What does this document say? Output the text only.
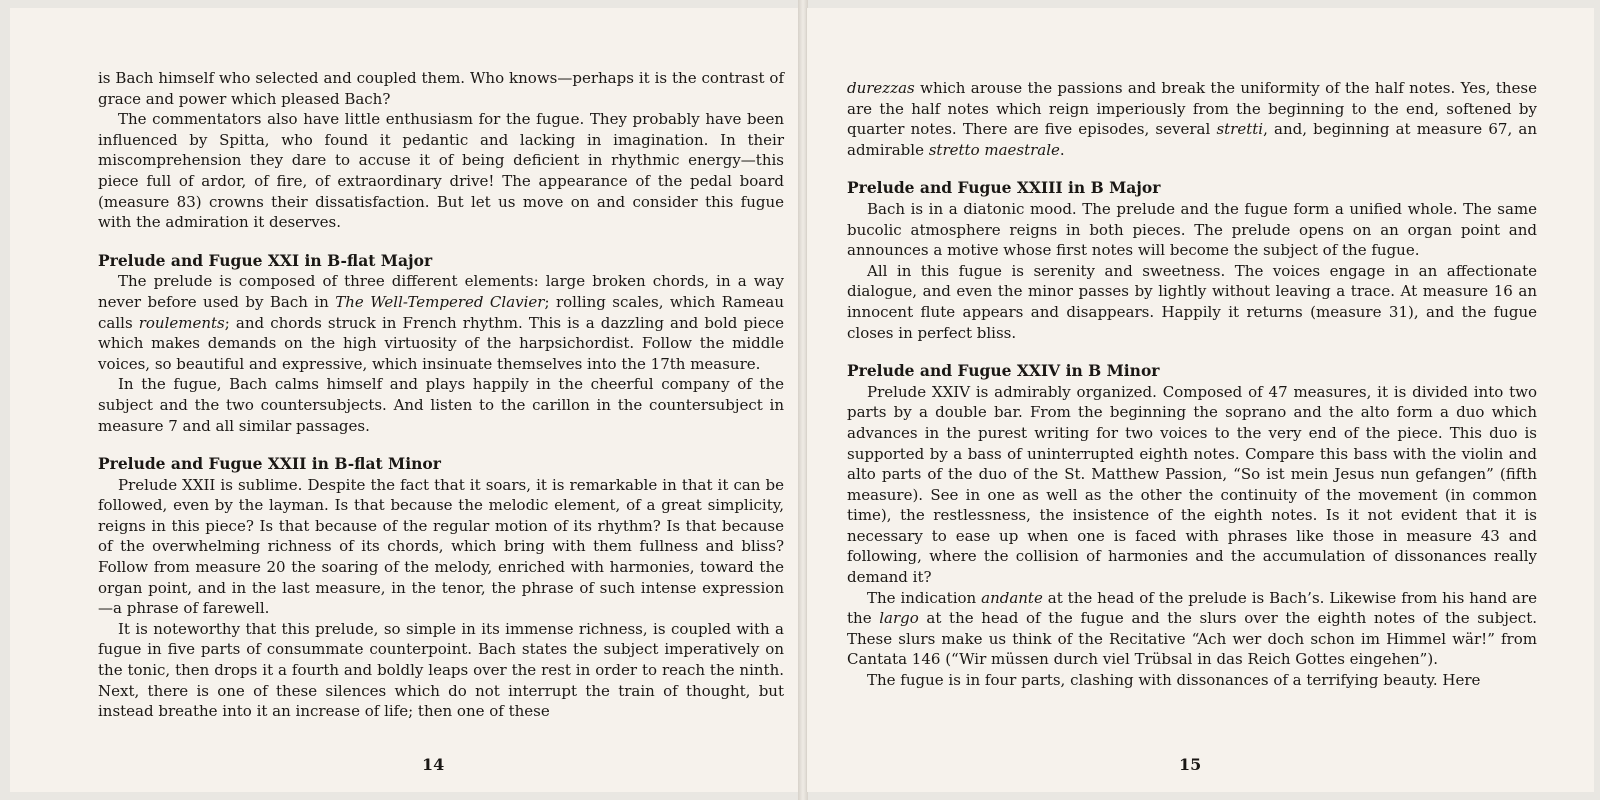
is Bach himself who selected and coupled them. Who knows—perhaps it is the contrast of grace and power which pleased Bach?

The commentators also have little enthusiasm for the fugue. They probably have been influenced by Spitta, who found it pedantic and lacking in imagination. In their miscomprehension they dare to accuse it of being deficient in rhythmic energy—this piece full of ardor, of fire, of extraordinary drive! The appearance of the pedal board (measure 83) crowns their dissatisfaction. But let us move on and consider this fugue with the admiration it deserves.

Prelude and Fugue XXI in B-flat Major

The prelude is composed of three different elements: large broken chords, in a way never before used by Bach in The Well-Tempered Clavier; rolling scales, which Rameau calls roulements; and chords struck in French rhythm. This is a dazzling and bold piece which makes demands on the high virtuosity of the harpsichordist. Follow the middle voices, so beautiful and expressive, which insinuate themselves into the 17th measure.

In the fugue, Bach calms himself and plays happily in the cheerful company of the subject and the two countersubjects. And listen to the carillon in the countersubject in measure 7 and all similar passages.

Prelude and Fugue XXII in B-flat Minor

Prelude XXII is sublime. Despite the fact that it soars, it is remarkable in that it can be followed, even by the layman. Is that because the melodic element, of a great simplicity, reigns in this piece? Is that because of the regular motion of its rhythm? Is that because of the overwhelming richness of its chords, which bring with them fullness and bliss? Follow from measure 20 the soaring of the melody, enriched with harmonies, toward the organ point, and in the last measure, in the tenor, the phrase of such intense expression—a phrase of farewell.

It is noteworthy that this prelude, so simple in its immense richness, is coupled with a fugue in five parts of consummate counterpoint. Bach states the subject imperatively on the tonic, then drops it a fourth and boldly leaps over the rest in order to reach the ninth. Next, there is one of these silences which do not interrupt the train of thought, but instead breathe into it an increase of life; then one of these

14

durezzas which arouse the passions and break the uniformity of the half notes. Yes, these are the half notes which reign imperiously from the beginning to the end, softened by quarter notes. There are five episodes, several stretti, and, beginning at measure 67, an admirable stretto maestrale.

Prelude and Fugue XXIII in B Major

Bach is in a diatonic mood. The prelude and the fugue form a unified whole. The same bucolic atmosphere reigns in both pieces. The prelude opens on an organ point and announces a motive whose first notes will become the subject of the fugue.

All in this fugue is serenity and sweetness. The voices engage in an affectionate dialogue, and even the minor passes by lightly without leaving a trace. At measure 16 an innocent flute appears and disappears. Happily it returns (measure 31), and the fugue closes in perfect bliss.

Prelude and Fugue XXIV in B Minor

Prelude XXIV is admirably organized. Composed of 47 measures, it is divided into two parts by a double bar. From the beginning the soprano and the alto form a duo which advances in the purest writing for two voices to the very end of the piece. This duo is supported by a bass of uninterrupted eighth notes. Compare this bass with the violin and alto parts of the duo of the St. Matthew Passion, “So ist mein Jesus nun gefangen” (fifth measure). See in one as well as the other the continuity of the movement (in common time), the restlessness, the insistence of the eighth notes. Is it not evident that it is necessary to ease up when one is faced with phrases like those in measure 43 and following, where the collision of harmonies and the accumulation of dissonances really demand it?

The indication andante at the head of the prelude is Bach’s. Likewise from his hand are the largo at the head of the fugue and the slurs over the eighth notes of the subject. These slurs make us think of the Recitative “Ach wer doch schon im Himmel wär!” from Cantata 146 (“Wir müssen durch viel Trübsal in das Reich Gottes eingehen”).

The fugue is in four parts, clashing with dissonances of a terrifying beauty. Here

15
